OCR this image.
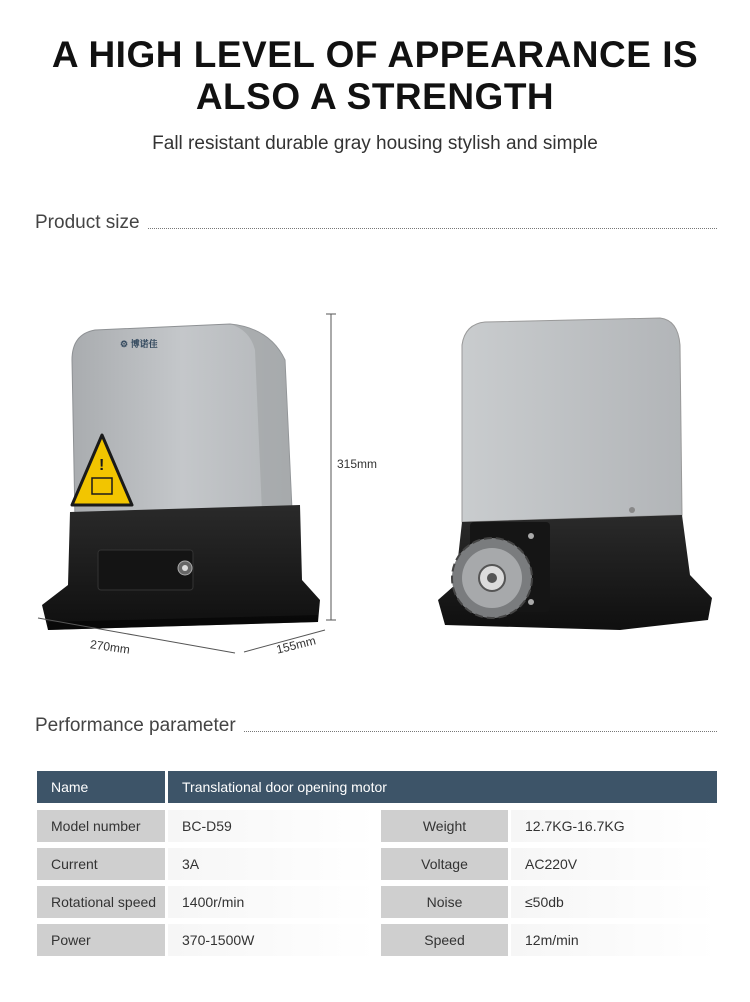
A HIGH LEVEL OF APPEARANCE IS
ALSO A STRENGTH
Fall resistant durable gray housing stylish and simple
Product size
⚙ 博诺佳
!	315mm
270mm	155mm
Performance parameter
Name	Translational door opening motor
Model number	BC-D59	Weight	12.7KG-16.7KG
Current	3A	Voltage	AC220V
Rotational speed	1400r/min	Noise	≤50db
Power	370-1500W	Speed	12m/min
